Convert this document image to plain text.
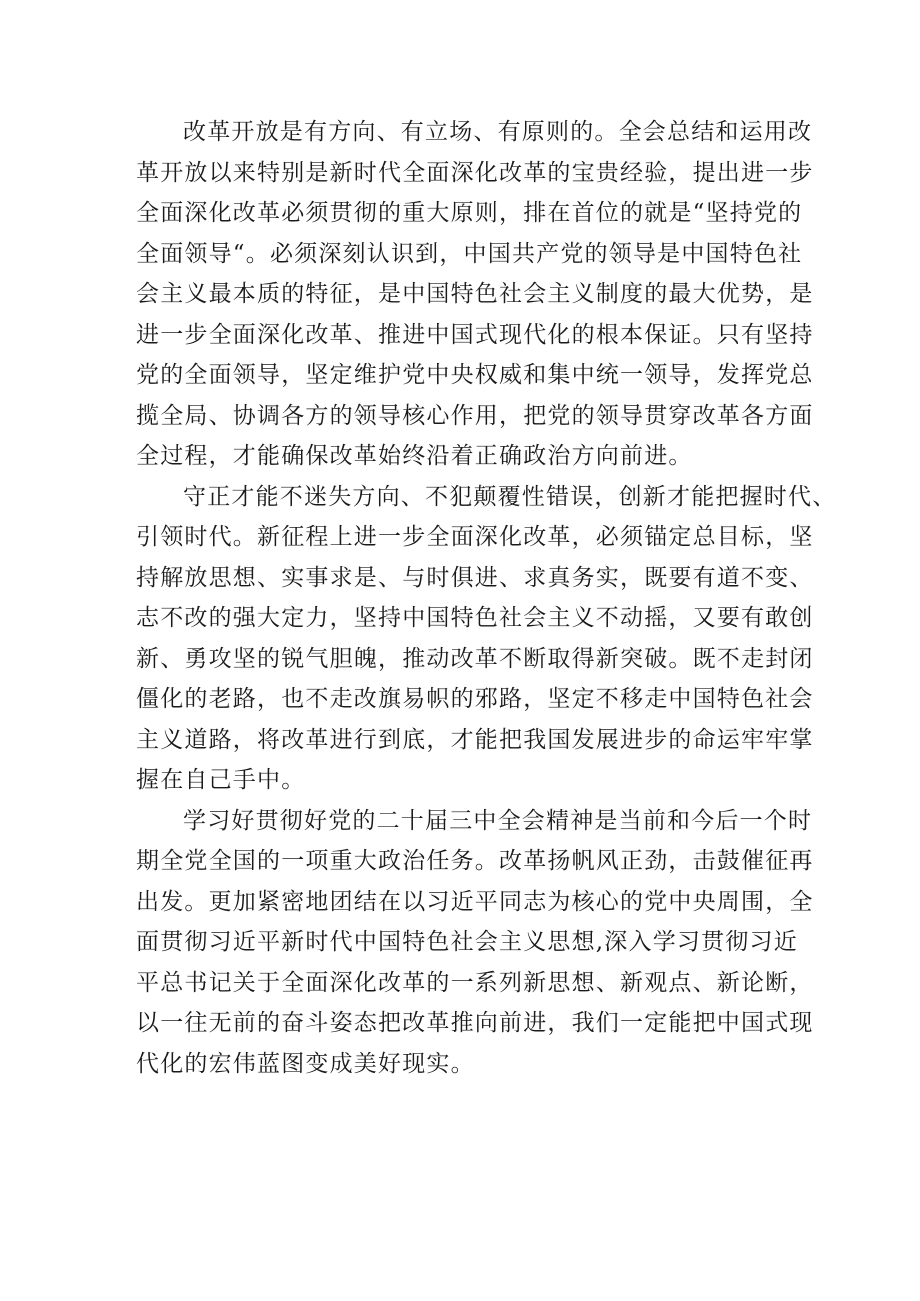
改革开放是有方向、有立场、有原则的。全会总结和运用改
革开放以来特别是新时代全面深化改革的宝贵经验，提出进一步
全面深化改革必须贯彻的重大原则，排在首位的就是“坚持党的
全面领导“。必须深刻认识到，中国共产党的领导是中国特色社
会主义最本质的特征，是中国特色社会主义制度的最大优势，是
进一步全面深化改革、推进中国式现代化的根本保证。只有坚持
党的全面领导，坚定维护党中央权威和集中统一领导，发挥党总
揽全局、协调各方的领导核心作用，把党的领导贯穿改革各方面
全过程，才能确保改革始终沿着正确政治方向前进。
守正才能不迷失方向、不犯颠覆性错误，创新才能把握时代、
引领时代。新征程上进一步全面深化改革，必须锚定总目标，坚
持解放思想、实事求是、与时俱进、求真务实，既要有道不变、
志不改的强大定力，坚持中国特色社会主义不动摇，又要有敢创
新、勇攻坚的锐气胆魄，推动改革不断取得新突破。既不走封闭
僵化的老路，也不走改旗易帜的邪路，坚定不移走中国特色社会
主义道路，将改革进行到底，才能把我国发展进步的命运牢牢掌
握在自己手中。
学习好贯彻好党的二十届三中全会精神是当前和今后一个时
期全党全国的一项重大政治任务。改革扬帆风正劲，击鼓催征再
出发。更加紧密地团结在以习近平同志为核心的党中央周围，全
面贯彻习近平新时代中国特色社会主义思想,深入学习贯彻习近
平总书记关于全面深化改革的一系列新思想、新观点、新论断，
以一往无前的奋斗姿态把改革推向前进，我们一定能把中国式现
代化的宏伟蓝图变成美好现实。
